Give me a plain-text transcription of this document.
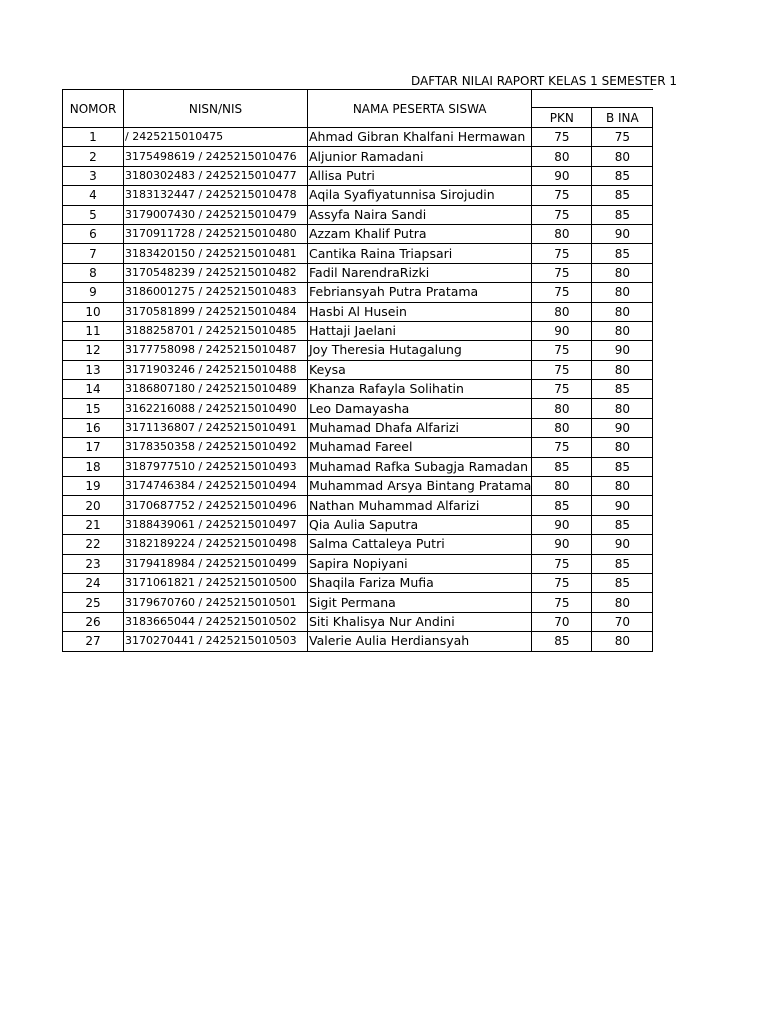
DAFTAR NILAI RAPORT KELAS 1 SEMESTER 1
NOMOR	NISN/NIS	NAMA PESERTA SISWA		
			PKN	B INA
1	/ 2425215010475	Ahmad Gibran Khalfani Hermawan	75	75
2	3175498619 / 2425215010476	Aljunior Ramadani	80	80
3	3180302483 / 2425215010477	Allisa Putri	90	85
4	3183132447 / 2425215010478	Aqila Syafiyatunnisa Sirojudin	75	85
5	3179007430 / 2425215010479	Assyfa Naira Sandi	75	85
6	3170911728 / 2425215010480	Azzam Khalif Putra	80	90
7	3183420150 / 2425215010481	Cantika Raina Triapsari	75	85
8	3170548239 / 2425215010482	Fadil NarendraRizki	75	80
9	3186001275 / 2425215010483	Febriansyah Putra Pratama	75	80
10	3170581899 / 2425215010484	Hasbi Al Husein	80	80
11	3188258701 / 2425215010485	Hattaji Jaelani	90	80
12	3177758098 / 2425215010487	Joy Theresia Hutagalung	75	90
13	3171903246 / 2425215010488	Keysa	75	80
14	3186807180 / 2425215010489	Khanza Rafayla Solihatin	75	85
15	3162216088 / 2425215010490	Leo Damayasha	80	80
16	3171136807 / 2425215010491	Muhamad Dhafa Alfarizi	80	90
17	3178350358 / 2425215010492	Muhamad Fareel	75	80
18	3187977510 / 2425215010493	Muhamad Rafka Subagja Ramadan	85	85
19	3174746384 / 2425215010494	Muhammad Arsya Bintang Pratama	80	80
20	3170687752 / 2425215010496	Nathan Muhammad Alfarizi	85	90
21	3188439061 / 2425215010497	Qia Aulia Saputra	90	85
22	3182189224 / 2425215010498	Salma Cattaleya Putri	90	90
23	3179418984 / 2425215010499	Sapira Nopiyani	75	85
24	3171061821 / 2425215010500	Shaqila Fariza Mufia	75	85
25	3179670760 / 2425215010501	Sigit Permana	75	80
26	3183665044 / 2425215010502	Siti Khalisya Nur Andini	70	70
27	3170270441 / 2425215010503	Valerie Aulia Herdiansyah	85	80
